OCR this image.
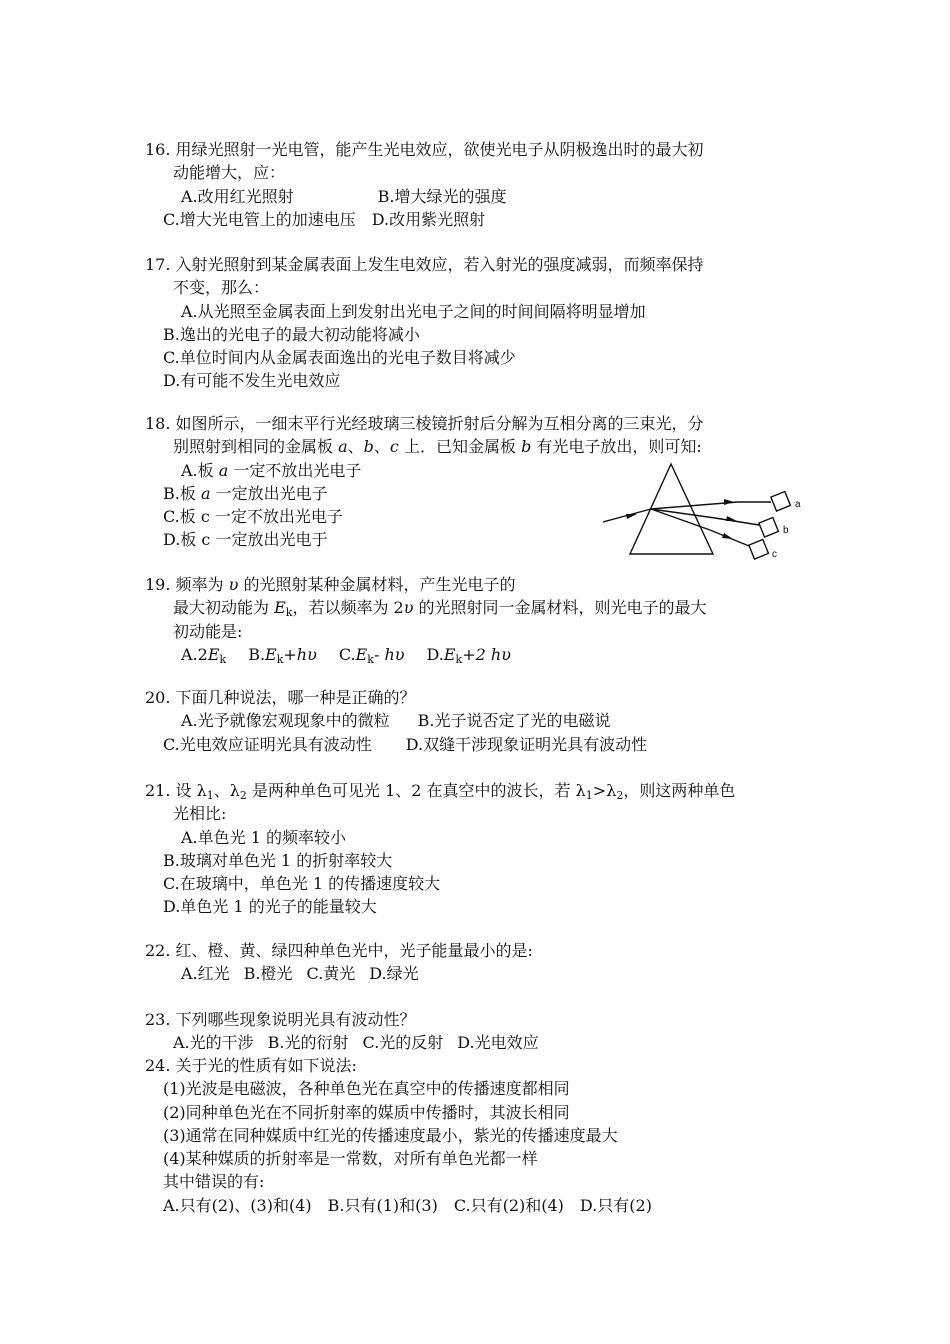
16. 用绿光照射一光电管，能产生光电效应，欲使光电子从阴极逸出时的最大初
动能增大，应：
A.改用红光照射	B.增大绿光的强度
C.增大光电管上的加速电压 D.改用紫光照射
17. 入射光照射到某金属表面上发生电效应，若入射光的强度减弱，而频率保持
不变，那么：
A.从光照至金属表面上到发射出光电子之间的时间间隔将明显增加
B.逸出的光电子的最大初动能将减小
C.单位时间内从金属表面逸出的光电子数目将减少
D.有可能不发生光电效应
18. 如图所示，一细末平行光经玻璃三棱镜折射后分解为互相分离的三束光，分
别照射到相同的金属板 a、b、c 上．已知金属板 b 有光电子放出，则可知:
A.板 a 一定不放出光电子
B.板 a 一定放出光电子
C.板 c 一定不放出光电子
D.板 c 一定放出光电于
a
b
c
19. 频率为 υ 的光照射某种金属材料，产生光电子的
最大初动能为 $E_k$，若以频率为 2υ 的光照射同一金属材料，则光电子的最大
初动能是:
$A.2E_k$ $B.E_k+h\upsilon$ $C.E_k-$ hυ $D.E_k+2$ hυ
20. 下面几种说法，哪一种是正确的？
A.光予就像宏观现象中的微粒 B.光子说否定了光的电磁说
C.光电效应证明光具有波动性 D.双缝干涉现象证明光具有波动性
21. 设 $\lambda_1$、$\lambda_2$ 是两种单色可见光 1、2 在真空中的波长，若 $\lambda_1>\lambda_2$，则这两种单色
光相比:
A.单色光 1 的频率较小
B.玻璃对单色光 1 的折射率较大
C.在玻璃中，单色光 1 的传播速度较大
D.单色光 1 的光子的能量较大
22. 红、橙、黄、绿四种单色光中，光子能量最小的是:
A.红光 B.橙光 C.黄光 D.绿光
23. 下列哪些现象说明光具有波动性？
A.光的干涉 B.光的衍射 C.光的反射 D.光电效应
24. 关于光的性质有如下说法:
(1)光波是电磁波，各种单色光在真空中的传播速度都相同
(2)同种单色光在不同折射率的媒质中传播时，其波长相同
(3)通常在同种媒质中红光的传播速度最小，紫光的传播速度最大
(4)某种媒质的折射率是一常数，对所有单色光都一样
其中错误的有:
A.只有(2)、(3)和(4) B.只有(1)和(3) C.只有(2)和(4) D.只有(2)
